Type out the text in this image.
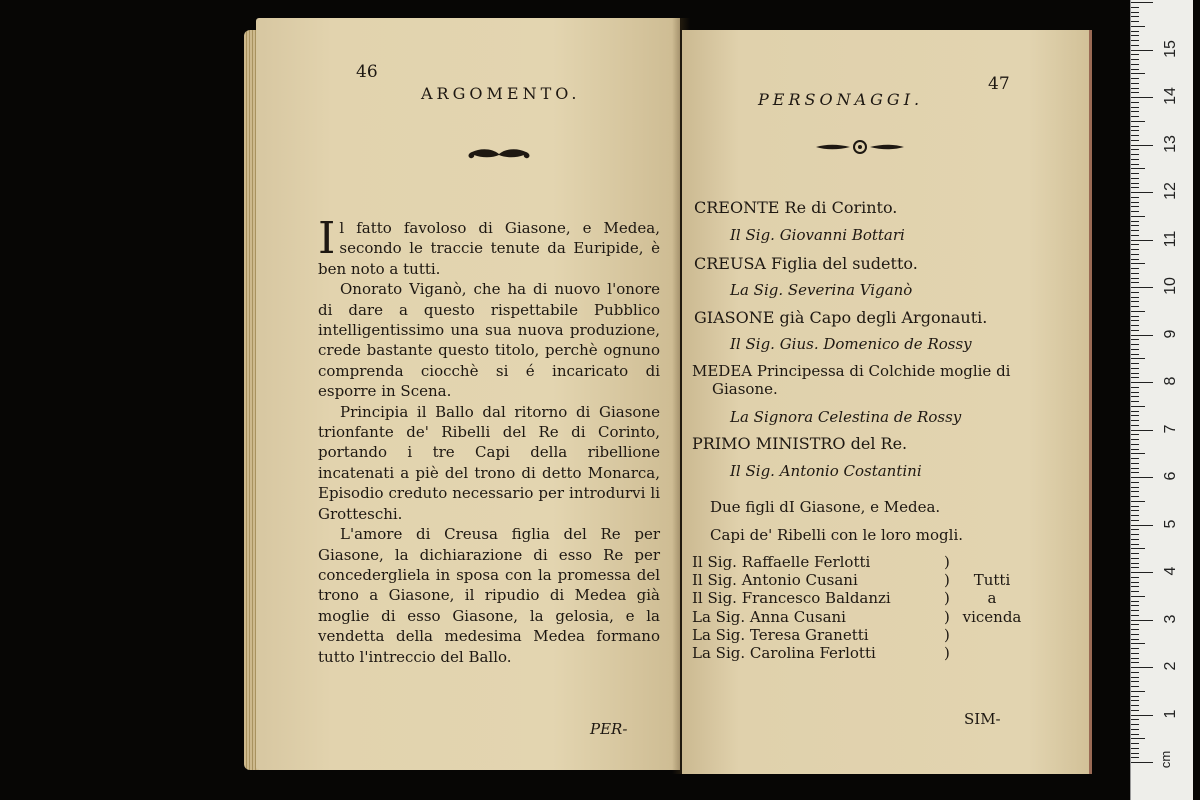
46
ARGOMENTO.

Il fatto favoloso di Giasone, e Medea, secondo le traccie tenute da Euripide, è ben noto a tutti.

Onorato Viganò, che ha di nuovo l'onore di dare a questo rispettabile Pubblico intelligentissimo una sua nuova produzione, crede bastante questo titolo, perchè ognuno comprenda ciocchè si é incaricato di esporre in Scena.

Principia il Ballo dal ritorno di Giasone trionfante de' Ribelli del Re di Corinto, portando i tre Capi della ribellione incatenati a piè del trono di detto Monarca, Episodio creduto necessario per introdurvi li Grotteschi.

L'amore di Creusa figlia del Re per Giasone, la dichiarazione di esso Re per concedergliela in sposa con la promessa del trono a Giasone, il ripudio di Medea già moglie di esso Giasone, la gelosia, e la vendetta della medesima Medea formano tutto l'intreccio del Ballo.

PER-
PERSONAGGI.
47
CREONTE Re di Corinto.
Il Sig. Giovanni Bottari
CREUSA Figlia del sudetto.
La Sig. Severina Viganò
GIASONE già Capo degli Argonauti.
Il Sig. Gius. Domenico de Rossy
MEDEA Principessa di Colchide moglie di
Giasone.
La Signora Celestina de Rossy
PRIMO MINISTRO del Re.
Il Sig. Antonio Costantini
Due figli dI Giasone, e Medea.
Capi de' Ribelli con le loro mogli.
Il Sig. Raffaelle Ferlotti
Il Sig. Antonio Cusani
Il Sig. Francesco Baldanzi
La Sig. Anna Cusani
La Sig. Teresa Granetti
La Sig. Carolina Ferlotti
)
)
)
)
)
)
Tutti
a
vicenda
SIM-
cm
1
2
3
4
5
6
7
8
9
10
11
12
13
14
15
